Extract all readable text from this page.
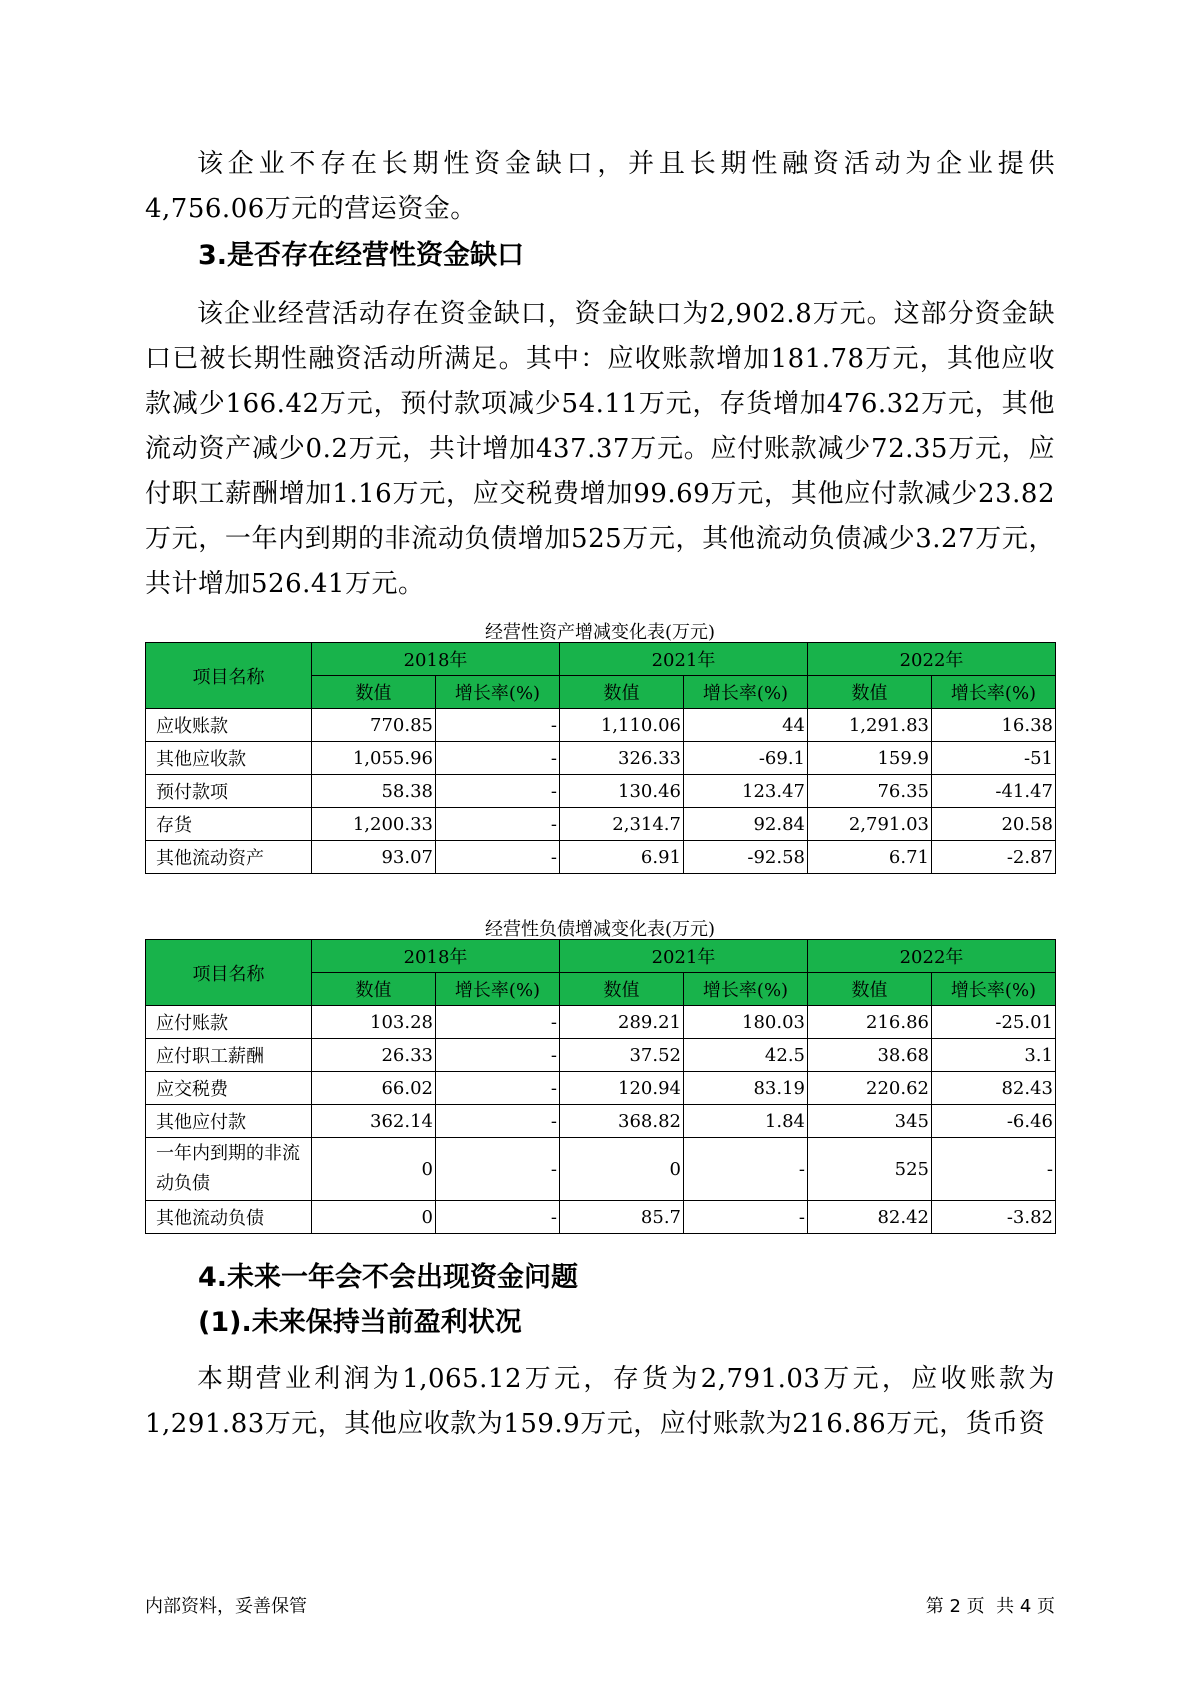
该企业不存在长期性资金缺口，并且长期性融资活动为企业提供4,756.06万元的营运资金。

3.是否存在经营性资金缺口

该企业经营活动存在资金缺口，资金缺口为2,902.8万元。这部分资金缺口已被长期性融资活动所满足。其中：应收账款增加181.78万元，其他应收款减少166.42万元，预付款项减少54.11万元，存货增加476.32万元，其他流动资产减少0.2万元，共计增加437.37万元。应付账款减少72.35万元，应付职工薪酬增加1.16万元，应交税费增加99.69万元，其他应付款减少23.82万元，一年内到期的非流动负债增加525万元，其他流动负债减少3.27万元，共计增加526.41万元。

经营性资产增减变化表(万元)

项目名称	2018年		2021年		2022年	
	数值	增长率(%)	数值	增长率(%)	数值	增长率(%)
应收账款	770.85	-	1,110.06	44	1,291.83	16.38
其他应收款	1,055.96	-	326.33	-69.1	159.9	-51
预付款项	58.38	-	130.46	123.47	76.35	-41.47
存货	1,200.33	-	2,314.7	92.84	2,791.03	20.58
其他流动资产	93.07	-	6.91	-92.58	6.71	-2.87

经营性负债增减变化表(万元)

项目名称	2018年		2021年		2022年	
	数值	增长率(%)	数值	增长率(%)	数值	增长率(%)
应付账款	103.28	-	289.21	180.03	216.86	-25.01
应付职工薪酬	26.33	-	37.52	42.5	38.68	3.1
应交税费	66.02	-	120.94	83.19	220.62	82.43
其他应付款	362.14	-	368.82	1.84	345	-6.46
一年内到期的非流动负债	0	-	0	-	525	-
其他流动负债	0	-	85.7	-	82.42	-3.82

4.未来一年会不会出现资金问题

(1).未来保持当前盈利状况

本期营业利润为1,065.12万元，存货为2,791.03万元，应收账款为1,291.83万元，其他应收款为159.9万元，应付账款为216.86万元，货币资

内部资料，妥善保管	第 2 页  共 4 页
